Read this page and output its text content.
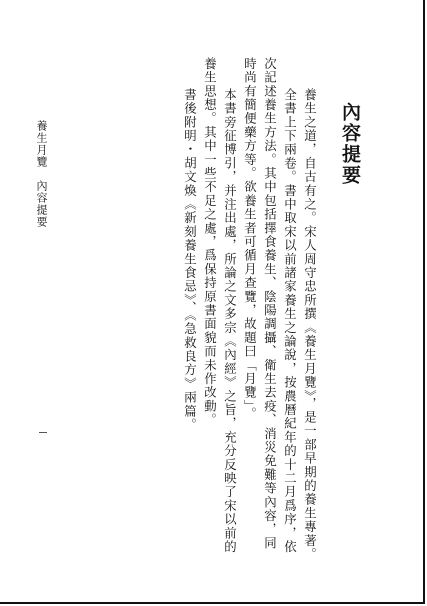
內容提要
養生之道，自古有之。宋人周守忠所撰《養生月覽》，是一部早期的養生專著。
全書上下兩卷。書中取宋以前諸家養生之論說，按農曆紀年的十二月爲序，依
次記述養生方法。其中包括擇食養生、陰陽調攝、衛生去疫、消災免難等內容，同
時尚有簡便藥方等。欲養生者可循月查覽，故題曰「月覽」。
本書旁征博引，并注出處，所論之文多宗《內經》之旨，充分反映了宋以前的
養生思想。其中一些不足之處，爲保持原書面貌而未作改動。
書後附明・胡文煥《新刻養生食忌》、《急救良方》兩篇。
養生月覽　內容提要
